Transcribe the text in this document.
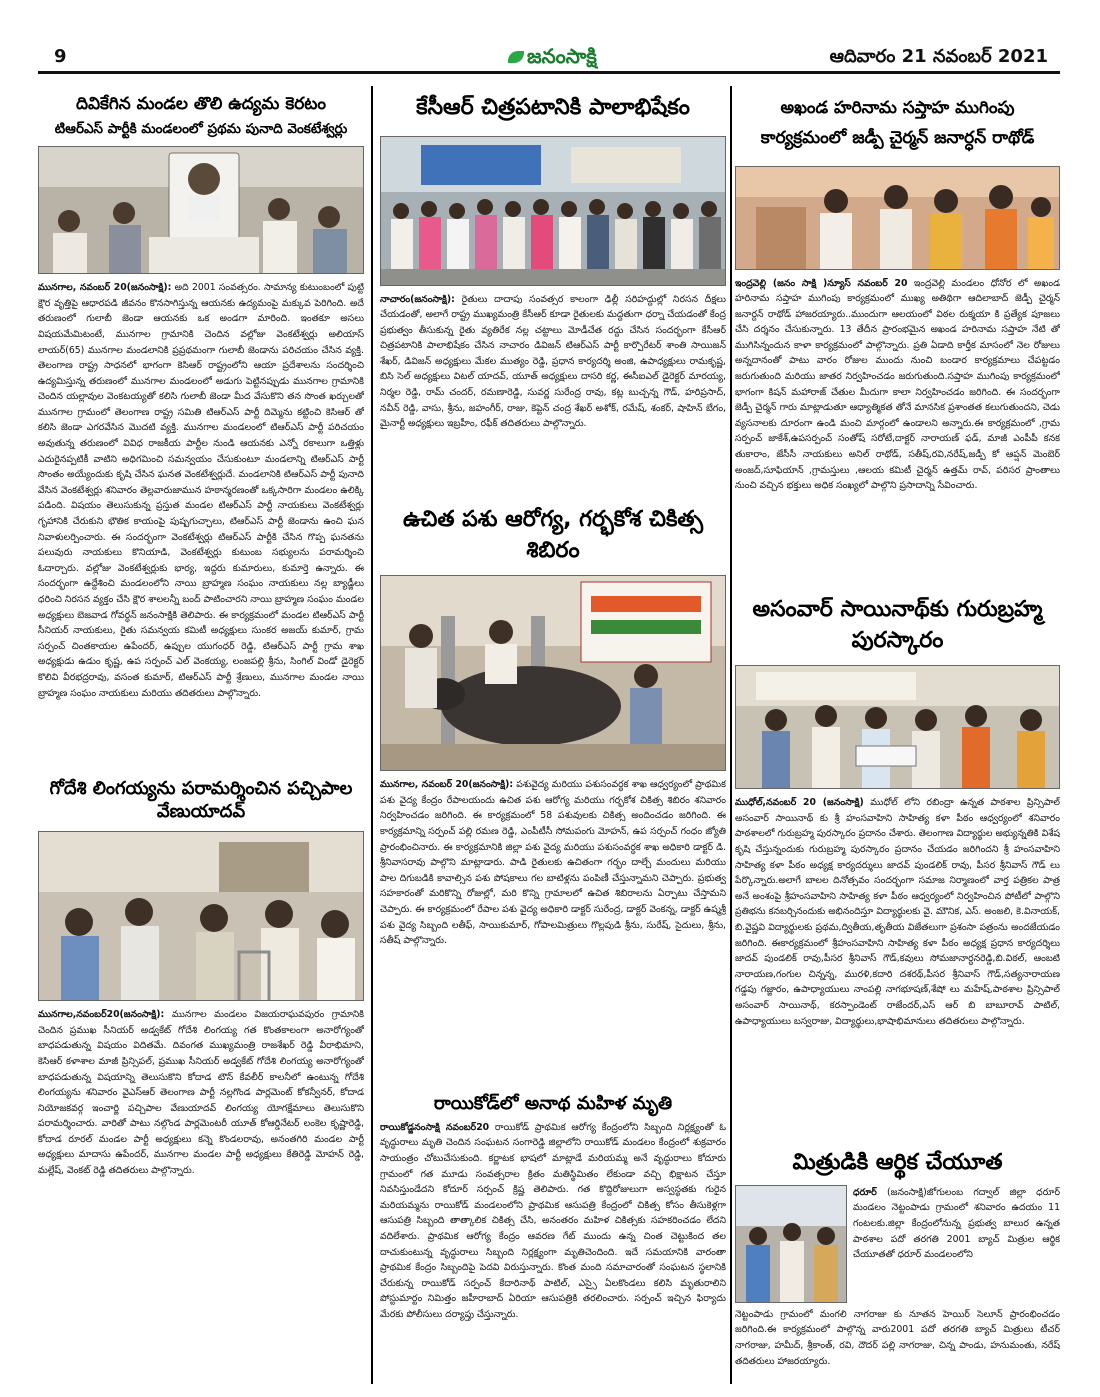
9	జనంసాక్షి	ఆదివారం 21 నవంబర్ 2021
దివికేగిన మండల తొలి ఉద్యమ కెరటం
టిఆర్ఎస్ పార్టీకి మండలంలో ప్రథమ పునాది వెంకటేశ్వర్లు
మునగాల, నవంబర్ 20(జనంసాక్షి): అది 2001 సంవత్సరం. సామాన్య కుటుంబంలో పుట్టి క్షౌర వృత్తిపై ఆధారపడి జీవనం కొనసాగిస్తున్న ఆయనకు ఉద్యమంపై మక్కువ పెరిగింది. అదే తరుణంలో గులాబీ జెండా ఆయనకు ఒక అండగా మారింది. ఇంతకూ అసలు విషయమేమిటంటే, మునగాల గ్రామానికి చెందిన వల్లోజు వెంకటేశ్వర్లు అలియాస్ లాయర్(65) మునగాల మండలానికి ప్రప్రథమంగా గులాబీ జెండాను పరిచయం చేసిన వ్యక్తి. తెలంగాణ రాష్ట్ర సాధనలో భాగంగా కెసిఆర్ రాష్ట్రంలోని ఆయా ప్రదేశాలను సందర్శించి ఉద్యమిస్తున్న తరుణంలో మునగాల మండలంలో అడుగు పెట్టినప్పుడు మునగాల గ్రామానికి చెందిన యల్లావుల వెంకటయ్యతో కలిసి గులాబీ జెండా మీద వేసుకొని తన సొంత ఖర్చులతో మునగాల గ్రామంలో తెలంగాణ రాష్ట్ర సమితి టిఆర్ఎస్ పార్టీ దిమ్మెను కట్టించి కెసిఆర్ తో కలిసి జెండా ఎగరవేసిన మొదటి వ్యక్తి. మునగాల మండలంలో టిఆర్ఎస్ పార్టీ పరిచయం అవుతున్న తరుణంలో వివిధ రాజకీయ పార్టీల నుండి ఆయనకు ఎన్నో రకాలుగా ఒత్తిళ్లు ఎదురైనప్పటికీ వాటిని అధిగమించి సమన్వయం చేసుకుంటూ మండలాన్ని టిఆర్ఎస్ పార్టీ సొంతం అయ్యేందుకు కృషి చేసిన ఘనత వెంకటేశ్వర్లుదే. మండలానికి టిఆర్ఎస్ పార్టీ పునాది వేసిన వెంకటేశ్వర్లు శనివారం తెల్లవారుజామున హఠాన్మరణంతో ఒక్కసారిగా మండలం ఉలిక్కి పడింది. విషయం తెలుసుకున్న ప్రస్తుత మండల టిఆర్ఎస్ పార్టీ నాయకులు వెంకటేశ్వర్లు గృహానికి చేరుకుని భౌతిక కాయంపై పుష్పగుచ్ఛాలు, టిఆర్ఎస్ పార్టీ జెండాను ఉంచి ఘన నివాళులర్పించారు. ఈ సందర్భంగా వెంకటేశ్వర్లు టిఆర్ఎస్ పార్టీకి చేసిన గొప్ప ఘనతను పలువురు నాయకులు కొనియాడి, వెంకటేశ్వర్లు కుటుంబ సభ్యులను పరామర్శించి ఓదార్చారు. వల్లోజు వెంకటేశ్వర్లుకు భార్య, ఇద్దరు కుమారులు, కుమార్తె ఉన్నారు. ఈ సందర్భంగా ఉద్దేశించి మండలంలోని నాయి బ్రాహ్మణ సంఘం నాయకులు నల్ల బ్యాడ్జీలు ధరించి నిరసన వ్యక్తం చేసి క్షౌర శాలలన్నీ బంద్ పాటించారని నాయి బ్రాహ్మణ సంఘం మండల అధ్యక్షులు బెజవాడ గోవర్ధన్ జనంసాక్షికి తెలిపారు. ఈ కార్యక్రమంలో మండల టిఆర్ఎస్ పార్టీ సీనియర్ నాయకులు, రైతు సమన్వయ కమిటీ అధ్యక్షులు సుంకర అజయ్ కుమార్, గ్రామ సర్పంచ్ చింతకాయల ఉపేందర్, ఉప్పుల యుగంధర్ రెడ్డి, టిఆర్ఎస్ పార్టీ గ్రామ శాఖ అధ్యక్షుడు ఉడుం కృష్ణ, ఉప సర్పంచ్ ఎల్ వెంకయ్య, లంజపల్లి శ్రీను, సింగిల్ విండో డైరెక్టర్ కొలివి వీరభద్రరావు, వసంత కుమార్, టిఆర్ఎస్ పార్టీ శ్రేణులు, మునగాల మండల నాయి బ్రాహ్మణ సంఘం నాయకులు మరియు తదితరులు పాల్గొన్నారు.
గోదేశి లింగయ్యను పరామర్శించిన పచ్చిపాల వేణుయాదవ్
మునగాల,నవంబర్20(జనంసాక్షి): మునగాల మండలం విజయరాఘవపురం గ్రామానికి చెందిన ప్రముఖ సీనియర్ అడ్వకేట్ గోదేశి లింగయ్య గత కొంతకాలంగా అనారోగ్యంతో బాధపడుతున్న విషయం విదితమే. దివంగత ముఖ్యమంత్రి రాజశేఖర్ రెడ్డి వీరాభిమాని, కెసిఆర్ కళాశాల మాజీ ప్రిన్సిపల్, ప్రముఖ సీనియర్ అడ్వకేట్ గోదేశి లింగయ్య అనారోగ్యంతో బాధపడుతున్న విషయాన్ని తెలుసుకొని కోదాడ టౌన్ కేవలీర్ కాలనీలో ఉంటున్న గోదేశి లింగయ్యను శనివారం వైఎస్ఆర్ తెలంగాణ పార్టీ నల్లగొండ పార్లమెంట్ కోకన్వీనర్, కోదాడ నియోజకవర్గ ఇంచార్జి పచ్చిపాల వేణుయాదవ్ లింగయ్య యోగక్షేమాలు తెలుసుకొని పరామర్శించారు. వారితో పాటు నల్గొండ పార్లమెంటరీ యూత్ కోఆర్డినేటర్ లంకెల కృష్ణారెడ్డి, కోదాడ రూరల్ మండల పార్టీ అధ్యక్షులు కన్నె కొండలరావు, అనంతగిరి మండల పార్టీ అధ్యక్షులు మాదాసు ఉపేందర్, మునగాల మండల పార్టీ అధ్యక్షులు కేతిరెడ్డి మోహన్ రెడ్డి, మల్లేష్, వెంకట్ రెడ్డి తదితరులు పాల్గొన్నారు.
కేసీఆర్ చిత్రపటానికి పాలాభిషేకం
నాచారం(జనంసాక్షి): రైతులు దాదాపు సంవత్సర కాలంగా ఢిల్లీ సరిహద్దుల్లో నిరసన దీక్షలు చేయడంతో, అలాగే రాష్ట్ర ముఖ్యమంత్రి కేసీఆర్ కూడా రైతులకు మద్దతుగా ధర్నా చేయడంతో కేంద్ర ప్రభుత్వం తీసుకున్న రైతు వ్యతిరేక నల్ల చట్టాలు మోడీచేత రద్దు చేసిన సందర్భంగా కేసీఆర్ చిత్రపటానికి పాలాభిషేకం చేసిన నాచారం డివిజన్ టిఆర్ఎస్ పార్టీ కార్పొరేటర్ శాంతి సాయిజన్ శేఖర్, డివిజన్ అధ్యక్షులు మేకల ముత్యం రెడ్డి, ప్రధాన కార్యదర్శి అంజి, ఉపాధ్యక్షులు రామకృష్ణ, బిసి సెల్ అధ్యక్షులు విటల్ యాదవ్, యూత్ అధ్యక్షులు దాసరి కర్ణ, ఈసీఐఎల్ డైరెక్టర్ మారయ్య, నిర్మల రెడ్డి, రామ్ చందర్, రమణారెడ్డి, సువర్ణ సురేంద్ర రావు, కట్ల బుచ్చన్న గౌడ్, హరిప్రసాద్, నవీన్ రెడ్డి, వాసు, శ్రీను, జహంగీర్, రాజు, కెప్టెన్ చంద్ర శేఖర్ అశోక్, రమేష్, శంకర్, షాహిన్ బేగం, మైనార్టీ అధ్యక్షులు ఇబ్రహీం, రఫీక్ తదితరులు పాల్గొన్నారు.
ఉచిత పశు ఆరోగ్య, గర్భకోశ చికిత్స శిబిరం
మునగాల, నవంబర్ 20(జనంసాక్షి): పశువైద్య మరియు పశుసంవర్ధక శాఖ ఆధ్వర్యంలో ప్రాథమిక పశు వైద్య కేంద్రం రేపాలయందు ఉచిత పశు ఆరోగ్య మరియు గర్భకోశ చికిత్స శిబిరం శనివారం నిర్వహించడం జరిగింది. ఈ కార్యక్రమంలో 58 పశువులకు చికిత్స అందించడం జరిగింది. ఈ కార్యక్రమాన్ని సర్పంచ్ పల్లి రమణ రెడ్డి, ఎంపీటీసీ సోమపంగు మోహన్, ఉప సర్పంచ్ గంధం జ్యోతి ప్రారంభించినారు. ఈ కార్యక్రమానికి జిల్లా పశు వైద్య మరియు పశుసంవర్ధక శాఖ అధికారి డాక్టర్ డి. శ్రీనివాసరావు పాల్గొని మాట్లాడారు. పాడి రైతులకు ఉచితంగా గర్భం దాల్చే మందులు మరియు పాల దిగుబడికి కావాల్సిన పశు పోషకాలు గల బాటిళ్లను పంపిణీ చేస్తున్నామని చెప్పారు. ప్రభుత్వ సహకారంతో మరికొన్ని రోజుల్లో, మరి కొన్ని గ్రామాలలో ఉచిత శిబిరాలను ఏర్పాటు చేస్తామని చెప్పారు. ఈ కార్యక్రమంలో రేపాల పశు వైద్య అధికారి డాక్టర్ సురేంద్ర, డాక్టర్ వెంకన్న, డాక్టర్ ఉష్మశ్రీ పశు వైద్య సిబ్బంది లతీఫ్, సాయికుమార్, గోపాలమిత్రులు గొల్లపుడి శ్రీను, సురేష్, సైదులు, శ్రీను, సతీష్ పాల్గొన్నారు.
రాయికోడ్‌లో అనాథ మహిళ మృతి
రాయికోడ్జనంసాక్షి నవంబర్20 రాయికోడ్ ప్రాథమిక ఆరోగ్య కేంద్రంలోని సిబ్బంది నిర్లక్ష్యంతో ఓ వృద్ధురాలు మృతి చెందిన సంఘటన సంగారెడ్డి జిల్లాలోని రాయికోడ్ మండలం కేంద్రంలో శుక్రవారం సాయంత్రం చోటుచేసుకుంది. కర్ణాటక భాషలో మాట్లాడే మరియమ్మ అనే వృద్ధురాలు కోదూరు గ్రామంలో గత మూడు సంవత్సరాల క్రితం మతిస్థిమితం లేకుండా వచ్చి భిక్షాటన చేస్తూ నివసిస్తుండేదని కోదూర్ సర్పంచ్ క్రిష్ణ తెలిపారు. గత కొద్దిరోజులుగా అస్వస్థతకు గురైన మరియమ్మను రాయికోడ్ మండలంలోని ప్రాథమిక ఆసుపత్రి కేంద్రంలో చికిత్స కోసం తీసుకెళ్లగా ఆసుపత్రి సిబ్బంది తాత్కాలిక చికిత్స చేసి, అనంతరం మహిళ చికిత్సకు సహకరించడం లేదని వదిలేశారు. ప్రాథమిక ఆరోగ్య కేంద్రం ఆవరణ గేట్ ముందు ఉన్న చింత చెట్టుకింద తల దాచుకుంటున్న వృద్ధురాలు సిబ్బంది నిర్లక్ష్యంగా మృతిచెందింది. ఇదే సమయానికి వారంతా ప్రాథమిక కేంద్రం సిబ్బందిపై పెదవి విరుస్తున్నారు. కొంత మంది సమాచారంతో సంఘటన స్థలానికి చేరుకున్న రాయికోడ్ సర్పంచ్ కేదారినాథ్ పాటిల్, ఎస్సై ఏలకొండలు కలిసి మృతురాలిని పోస్టుమార్టం నిమిత్తం జహీరాబాద్ ఏరియా ఆసుపత్రికి తరలించారు. సర్పంచ్ ఇచ్చిన ఫిర్యాదు మేరకు పోలీసులు దర్యాప్తు చేస్తున్నారు.
అఖండ హరినామ సప్తాహ ముగింపు కార్యక్రమంలో జడ్పీ చైర్మన్ జనార్ధన్ రాథోడ్
ఇంద్రవెల్లి (జనం సాక్షి )న్యూస్ నవంబర్ 20 ఇంద్రవెల్లి మండలం ధోనోర లో అఖండ హరినామ సప్తాహ ముగింపు కార్యక్రమంలో ముఖ్య అతిథిగా ఆదిలాబాద్ జెడ్పీ చైర్మన్ జనార్దన్ రాథోడ్ హాజరయ్యారు..ముందుగా ఆలయంలో విఠల రుక్మయా కి ప్రత్యేక పూజలు చేసి దర్శనం చేసుకున్నారు. 13 తేదీన ప్రారంభమైన అఖండ హరినామ సప్తాహ నేటి తో ముగిసిన్నందున కాళా కార్యక్రమంలో పాల్గొన్నారు. ప్రతి ఏడాది కార్తీక మాసంలో నెల రోజులు అన్నదానంతో పాటు వారం రోజుల ముందు నుంచి బండార కార్యక్రమాలు చేపట్టడం జరుగుతుంది మరియు జాతర నిర్వహించడం జరుగుతుంది.సప్తాహ ముగింపు కార్యక్రమంలో భాగంగా కిషన్ మహారాజ్ చేతుల మీదుగా కాలా నిర్వహించడం జరిగింది. ఈ సందర్భంగా జెడ్పీ చైర్మన్ గారు మాట్లాడుతూ ఆధ్యాత్మికత తోనే మానసిక ప్రశాంతత కలుగుతుందని, చెడు వ్యసనాలకు దూరంగా ఉండి మంచి మార్గంలో ఉండాలని అన్నారు.ఈ కార్యక్రమంలో ,గ్రామ సర్పంచ్ జాకేశ్,ఉపసర్పంచ్ సంతోష్ సరోటే,దాక్టర్ నారాయణ్ ఫడ్, మాజీ ఎంపీపీ కనక తుకారాం, జేసీసీ నాయకులు అనిల్ రాథోడ్, సతీష్,రవి,నరేష్,జడ్పీ కో ఆప్షన్ మెంబెర్ అంజద్,సూఫియాన్ ,గ్రామస్తులు ,ఆలయ కమిటీ చైర్మన్ ఉత్తమ్ రావ్, పరిసర ప్రాంతాలు నుంచి వచ్చిన భక్తులు అధిక సంఖ్యలో పాల్గొని ప్రసాదాన్ని సేవించారు.
అసంవార్ సాయినాథ్‌కు గురుబ్రహ్మ పురస్కారం
ముధోల్,నవంబర్ 20 (జనంసాక్షి) ముధోల్ లోని రబింద్రా ఉన్నత పాఠశాల ప్రిన్సిపాల్ అసంవార్ సాయినాథ్ కు శ్రీ హంసవాహిని సాహిత్య కళా పీఠం ఆధ్వర్యంలో శనివారం పాఠశాలలో గురుబ్రహ్మ పురస్కారం ప్రదానం చేశారు. తెలంగాణ విద్యార్థుల అభ్యున్నతికి విశేష కృషి చేస్తున్నందుకు గురుబ్రహ్మ పురస్కారం ప్రదానం చేయడం జరిగిందని శ్రీ హంసవాహిని సాహిత్య కళా పీఠం అధ్యక్ష కార్యదర్శులు జాదవ్ పుండలిక్ రావు, పీసర శ్రీనివాస్ గౌడ్ లు పేర్కొన్నారు.అలాగే బాలల దినోత్సవం సందర్భంగా సమాజ నిర్మాణంలో వార్త పత్రికల పాత్ర అనే అంశంపై శ్రీహంసవాహిని సాహిత్య కళా పీఠం ఆధ్వర్యంలో నిర్వహించిన పోటీలో పాల్గొని ప్రతిభను కనబర్చినందుకు అభినందిస్తూ విద్యార్థులకు వై. మౌనిక, ఎస్. అంజలి, కె.వినాయక్, బి.వైష్ణవి విద్యార్థులకు ప్రథమ,ద్వితీయ,తృతీయ విజేతలుగా ప్రశంసా పత్రంను అందజేయడం జరిగింది. ఈకార్యక్రమంలో శ్రీహంసవాహిని సాహిత్య కళా పీఠం అధ్యక్ష ప్రధాన కార్యదర్శిలు జాదవ్ పుండలిక్ రావు,పీసర శ్రీనివాస్ గౌడ్,కవులు సోమజానార్ధనరెడ్డి,బి.విఠల్, ఆంబటి నారాయణ,గంగుల చిన్నన్న, మురళి,కదారి దశరథ్,పీసర శ్రీనివాస్ గౌడ్,సత్యనారాయణ గడ్డపు గజ్జారం, ఉపాధ్యాయులు నాంపల్లి నాగభూషణ్,శేషో లు మహేష్,పాఠశాల ప్రిన్సిపాల్ అసంవార్ సాయినాథ్, కరస్పాండెంట్ రాజేందర్,ఎస్ ఆర్ బి బాబూరావ్ పాటిల్, ఉపాధ్యాయులు బస్వరాజు, విద్యార్థులు,భాషాభిమానులు తదితరులు పాల్గొన్నారు.
మిత్రుడికి ఆర్థిక చేయూత
ధరూర్ (జనంసాక్షి)జోగులంబ గద్వాల్ జిల్లా ధరూర్ మండలం నెట్టంపాడు గ్రామంలో శనివారం ఉదయం 11 గంటలకు.జిల్లా కేంద్రంలోనున్న ప్రభుత్వ బాలుర ఉన్నత పాఠశాల పదో తరగతి 2001 బ్యాచ్ మిత్రుల ఆర్థిక చేయూతతో ధరూర్ మండలంలోని
నెట్టంపాడు గ్రామంలో మంగలి నాగరాజు కు నూతన హెయిర్ సెలూన్ ప్రారంభించడం జరిగింది.ఈ కార్యక్రమంలో పాల్గొన్న వారు2001 పదో తరగతి బ్యాచ్ మిత్రులు టీచర్ నాగరాజు, హమీద్, శ్రీకాంత్, రవి, దౌదర్ పల్లి నాగరాజు, చిన్న పాండు, హనుమంతు, నరేష్ తదితరులు హాజరయ్యారు.
